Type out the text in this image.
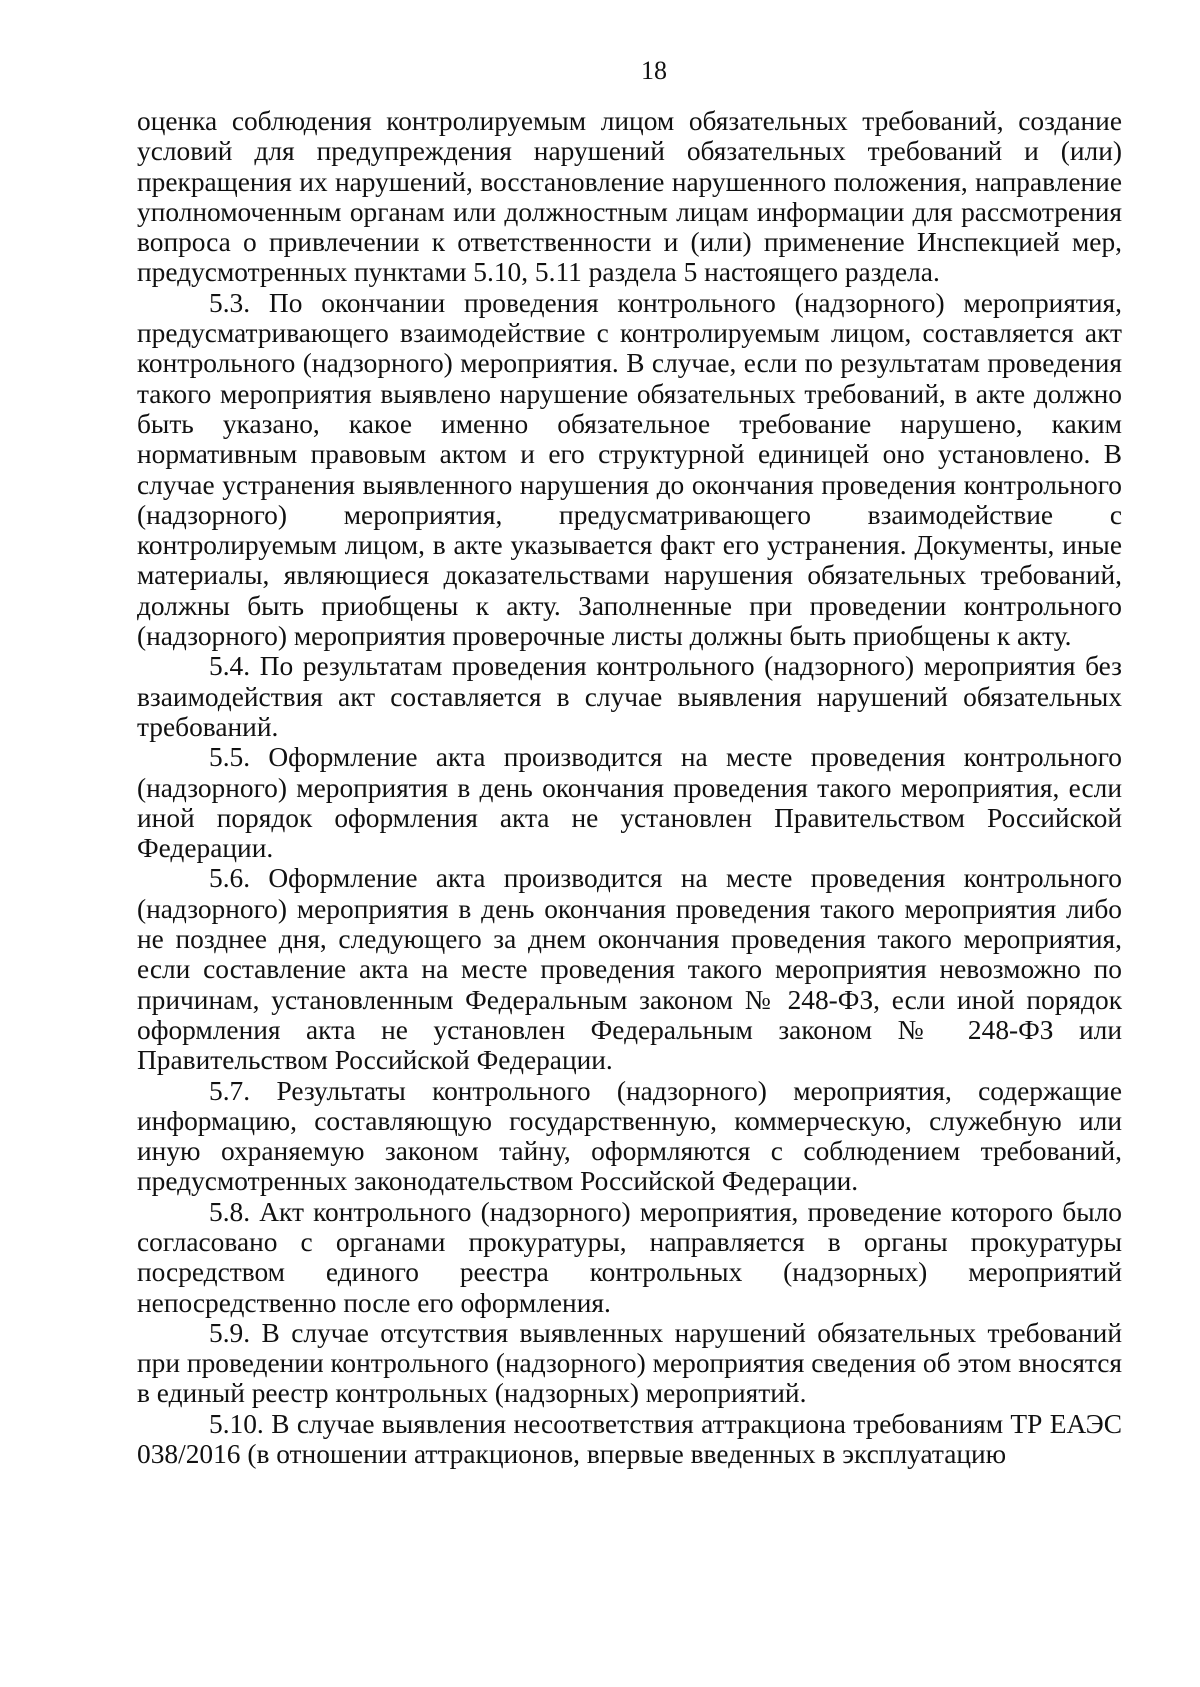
18

оценка соблюдения контролируемым лицом обязательных требований, создание условий для предупреждения нарушений обязательных требований и (или) прекращения их нарушений, восстановление нарушенного положения, направление уполномоченным органам или должностным лицам информации для рассмотрения вопроса о привлечении к ответственности и (или) применение Инспекцией мер, предусмотренных пунктами 5.10, 5.11 раздела 5 настоящего раздела.

5.3. По окончании проведения контрольного (надзорного) мероприятия, предусматривающего взаимодействие с контролируемым лицом, составляется акт контрольного (надзорного) мероприятия. В случае, если по результатам проведения такого мероприятия выявлено нарушение обязательных требований, в акте должно быть указано, какое именно обязательное требование нарушено, каким нормативным правовым актом и его структурной единицей оно установлено. В случае устранения выявленного нарушения до окончания проведения контрольного (надзорного) мероприятия, предусматривающего взаимодействие с контролируемым лицом, в акте указывается факт его устранения. Документы, иные материалы, являющиеся доказательствами нарушения обязательных требований, должны быть приобщены к акту. Заполненные при проведении контрольного (надзорного) мероприятия проверочные листы должны быть приобщены к акту.

5.4. По результатам проведения контрольного (надзорного) мероприятия без взаимодействия акт составляется в случае выявления нарушений обязательных требований.

5.5. Оформление акта производится на месте проведения контрольного (надзорного) мероприятия в день окончания проведения такого мероприятия, если иной порядок оформления акта не установлен Правительством Российской Федерации.

5.6. Оформление акта производится на месте проведения контрольного (надзорного) мероприятия в день окончания проведения такого мероприятия либо не позднее дня, следующего за днем окончания проведения такого мероприятия, если составление акта на месте проведения такого мероприятия невозможно по причинам, установленным Федеральным законом № 248-ФЗ, если иной порядок оформления акта не установлен Федеральным законом № 248-ФЗ или Правительством Российской Федерации.

5.7. Результаты контрольного (надзорного) мероприятия, содержащие информацию, составляющую государственную, коммерческую, служебную или иную охраняемую законом тайну, оформляются с соблюдением требований, предусмотренных законодательством Российской Федерации.

5.8. Акт контрольного (надзорного) мероприятия, проведение которого было согласовано с органами прокуратуры, направляется в органы прокуратуры посредством единого реестра контрольных (надзорных) мероприятий непосредственно после его оформления.

5.9. В случае отсутствия выявленных нарушений обязательных требований при проведении контрольного (надзорного) мероприятия сведения об этом вносятся в единый реестр контрольных (надзорных) мероприятий.

5.10. В случае выявления несоответствия аттракциона требованиям ТР ЕАЭС 038/2016 (в отношении аттракционов, впервые введенных в эксплуатацию
